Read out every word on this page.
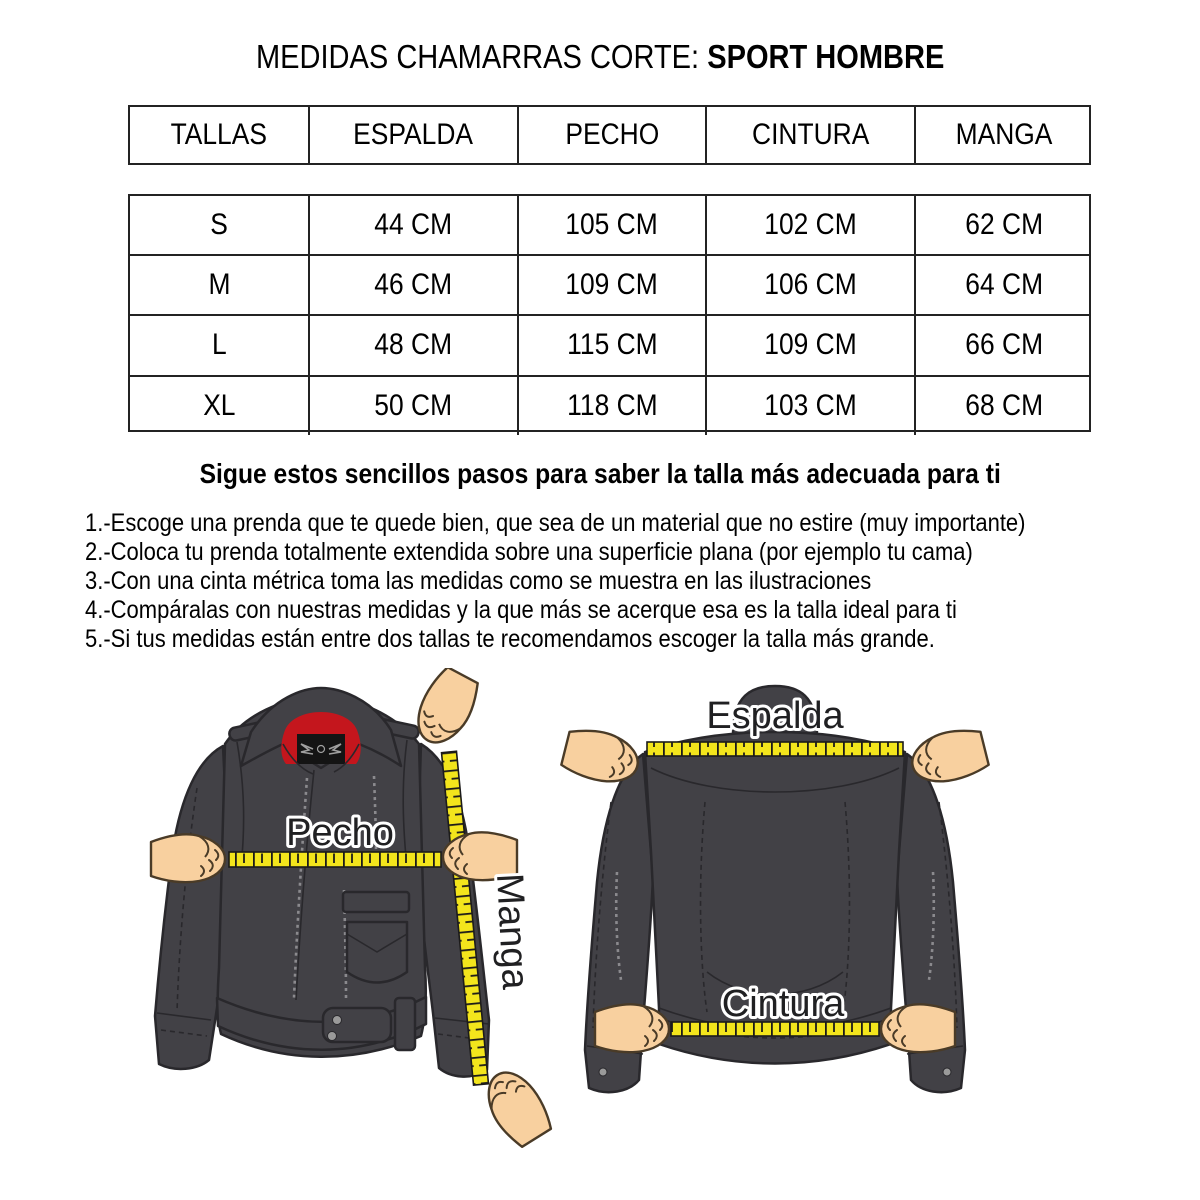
MEDIDAS CHAMARRAS CORTE: SPORT HOMBRE
TALLAS	ESPALDA	PECHO	CINTURA	MANGA
S	44 CM	105 CM	102 CM	62 CM
M	46 CM	109 CM	106 CM	64 CM
L	48 CM	115 CM	109 CM	66 CM
XL	50 CM	118 CM	103 CM	68 CM
Sigue estos sencillos pasos para saber la talla más adecuada para ti
1.-Escoge una prenda que te quede bien, que sea de un material que no estire (muy importante)
2.-Coloca tu prenda totalmente extendida sobre una superficie plana (por ejemplo tu cama)
3.-Con una cinta métrica toma las medidas como se muestra en las ilustraciones
4.-Compáralas con nuestras medidas y la que más se acerque esa es la talla ideal para ti
5.-Si tus medidas están entre dos tallas te recomendamos escoger la talla más grande.
Pecho
Manga
Espalda
Cintura
